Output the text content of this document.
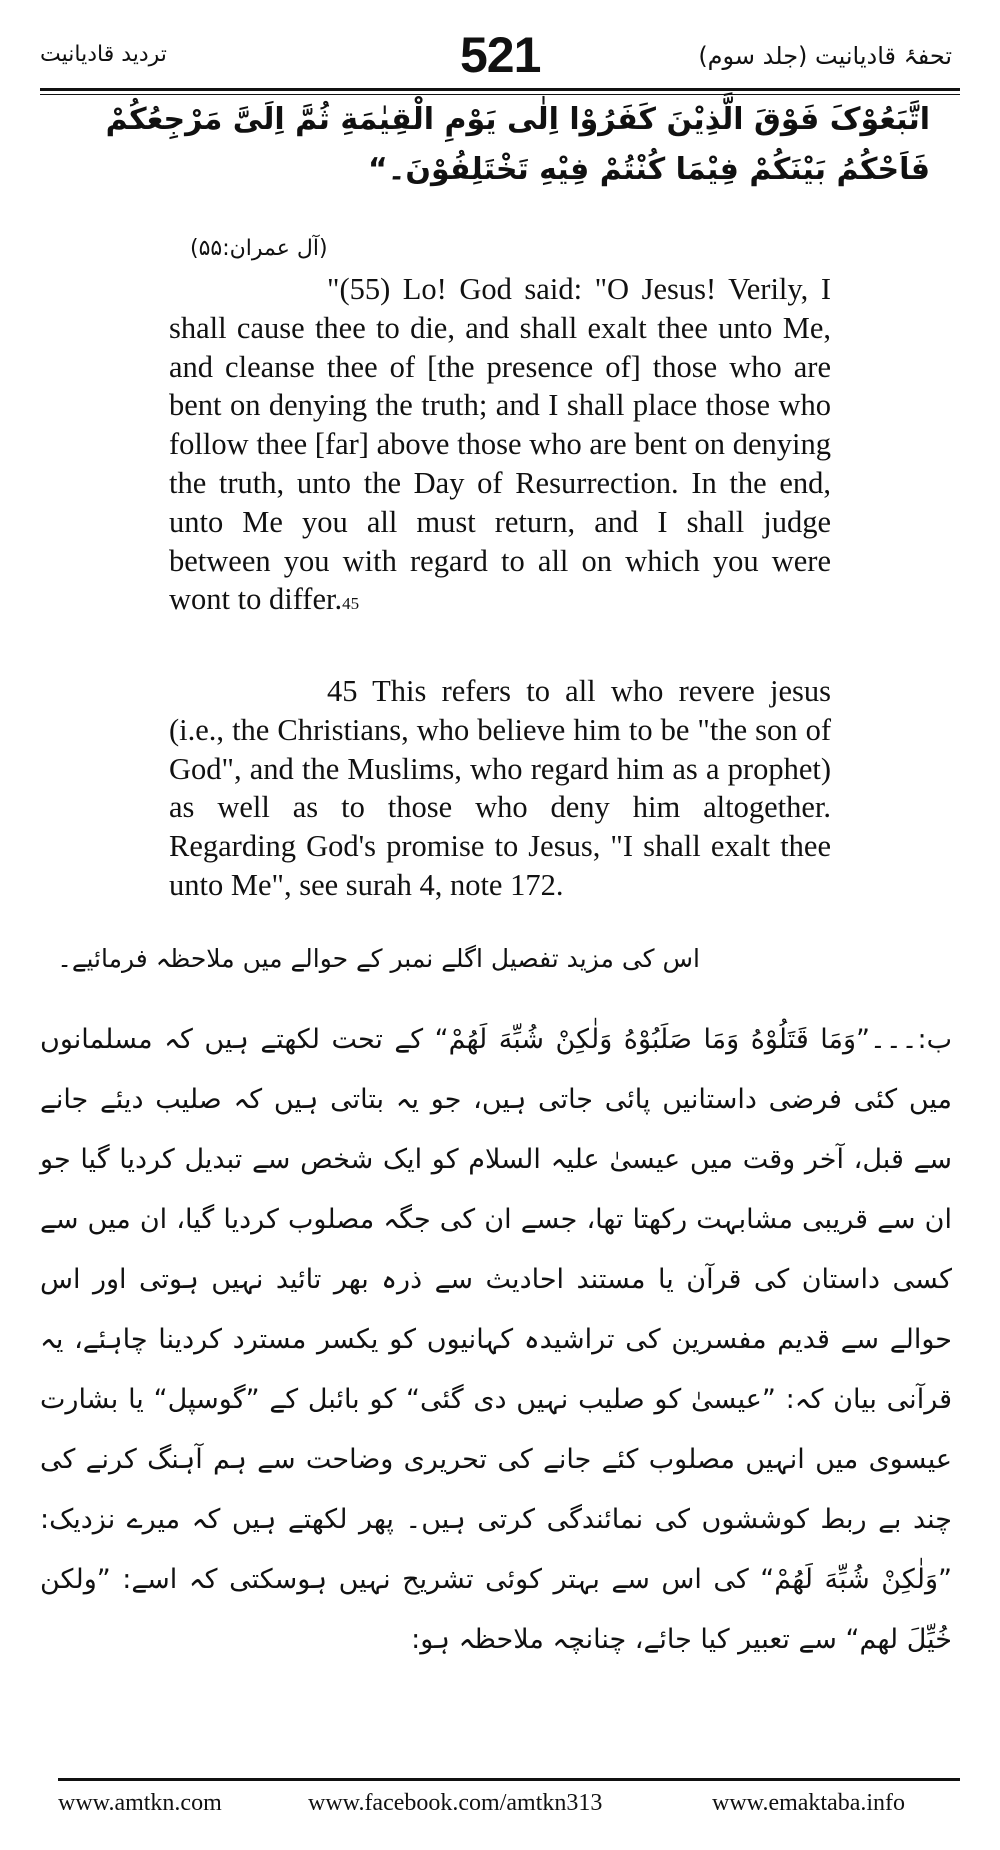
تحفۂ قادیانیت (جلد سوم)
521
تردید قادیانیت
اتَّبَعُوْکَ فَوْقَ الَّذِیْنَ کَفَرُوْا اِلٰی یَوْمِ الْقِیٰمَةِ ثُمَّ اِلَیَّ مَرْجِعُکُمْ
فَاَحْکُمُ بَیْنَکُمْ فِیْمَا کُنْتُمْ فِیْهِ تَخْتَلِفُوْنَ۔“
(آل عمران:۵۵)

"(55) Lo! God said: "O Jesus! Verily, I shall cause thee to die, and shall exalt thee unto Me, and cleanse thee of [the presence of] those who are bent on denying the truth; and I shall place those who follow thee [far] above those who are bent on denying the truth, unto the Day of Resurrection. In the end, unto Me you all must return, and I shall judge between you with regard to all on which you were wont to differ.45

45 This refers to all who revere jesus (i.e., the Christians, who believe him to be "the son of God", and the Muslims, who regard him as a prophet) as well as to those who deny him altogether. Regarding God's promise to Jesus, "I shall exalt thee unto Me", see surah 4, note 172.

اس کی مزید تفصیل اگلے نمبر کے حوالے میں ملاحظہ فرمائیے۔
ب:۔۔۔”وَمَا قَتَلُوْهُ وَمَا صَلَبُوْهُ وَلٰکِنْ شُبِّهَ لَهُمْ“ کے تحت لکھتے ہیں کہ مسلمانوں میں کئی فرضی داستانیں پائی جاتی ہیں، جو یہ بتاتی ہیں کہ صلیب دیئے جانے سے قبل، آخر وقت میں عیسیٰ علیہ السلام کو ایک شخص سے تبدیل کردیا گیا جو ان سے قریبی مشابہت رکھتا تھا، جسے ان کی جگہ مصلوب کردیا گیا، ان میں سے کسی داستان کی قرآن یا مستند احادیث سے ذرہ بھر تائید نہیں ہوتی اور اس حوالے سے قدیم مفسرین کی تراشیدہ کہانیوں کو یکسر مسترد کردینا چاہئے، یہ قرآنی بیان کہ: ”عیسیٰ کو صلیب نہیں دی گئی“ کو بائبل کے ”گوسپل“ یا بشارت عیسوی میں انہیں مصلوب کئے جانے کی تحریری وضاحت سے ہم آہنگ کرنے کی چند بے ربط کوششوں کی نمائندگی کرتی ہیں۔ پھر لکھتے ہیں کہ میرے نزدیک: ”وَلٰکِنْ شُبِّهَ لَهُمْ“ کی اس سے بہتر کوئی تشریح نہیں ہوسکتی کہ اسے: ”ولکن خُیِّلَ لهم“ سے تعبیر کیا جائے، چنانچہ ملاحظہ ہو:
www.amtkn.com	www.facebook.com/amtkn313	www.emaktaba.info
